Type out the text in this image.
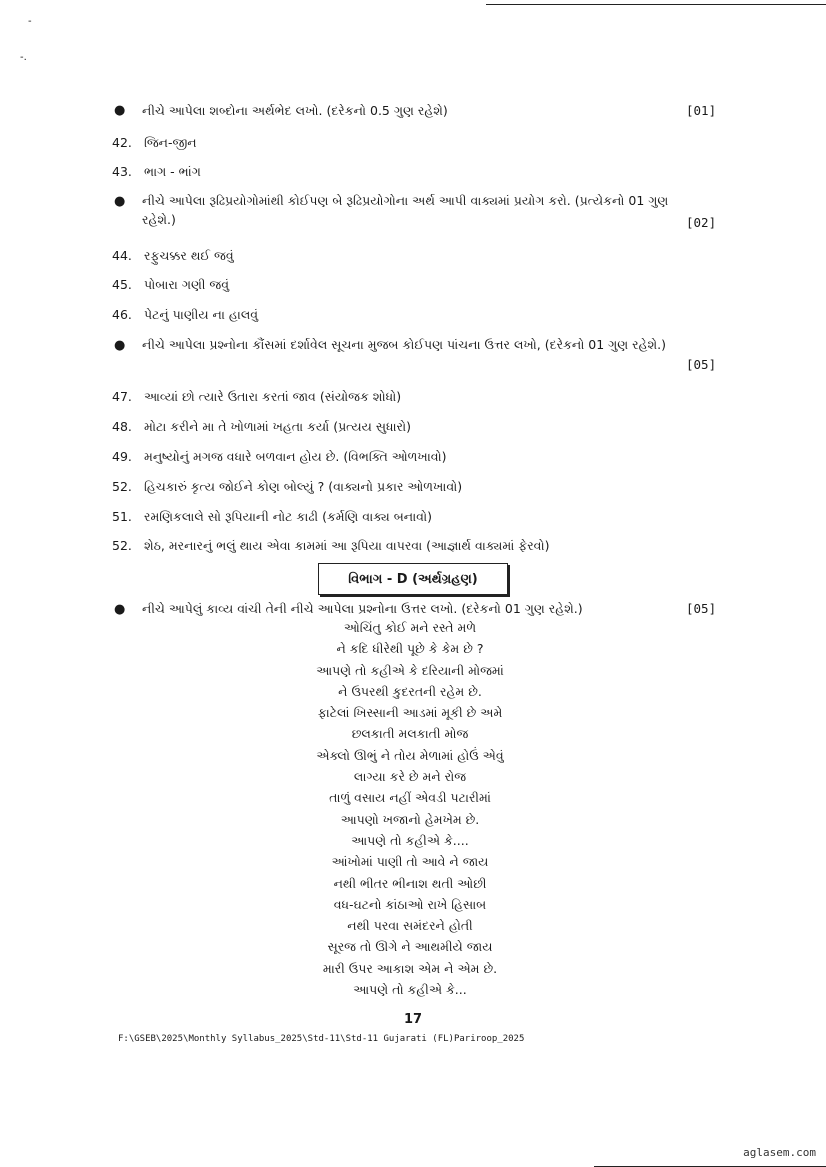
-
-.
● નીચે આપેલા શબ્દોના અર્થભેદ લખો. (દરેકનો 0.5 ગુણ રહેશે)	[01]
42. જિન-જીન
43. ભાગ - ભાંગ
● નીચે આપેલા રૂઢિપ્રયોગોમાંથી કોઈપણ બે રૂઢિપ્રયોગોના અર્થ આપી વાક્યમાં પ્રયોગ કરો. (પ્રત્યેકનો 01 ગુણ રહેશે.)	[02]
44. રફુચક્કર થઈ જવું
45. પોબારા ગણી જવું
46. પેટનું પાણીય ના હાલવું
● નીચે આપેલા પ્રશ્નોના કૌંસમાં દર્શાવેલ સૂચના મુજબ કોઈપણ પાંચના ઉત્તર લખો, (દરેકનો 01 ગુણ રહેશે.)
[05]
47. આવ્યાં છો ત્યારે ઉતારા કરતાં જાવ (સંયોજક શોધો)
48. મોટા કરીને મા તે ખોળામાં ખહતા કર્યા (પ્રત્યય સુધારો)
49. મનુષ્યોનું મગજ વધારે બળવાન હોય છે. (વિભક્તિ ઓળખાવો)
52. હિચકારું કૃત્ય જોઈને કોણ બોલ્યું ? (વાક્યનો પ્રકાર ઓળખાવો)
51. રમણિકલાલે સો રૂપિયાની નોટ કાઢી (કર્મણિ વાક્ય બનાવો)
52. શેઠ, મરનારનું ભલું થાય એવા કામમાં આ રૂપિયા વાપરવા (આજ્ઞાર્થ વાક્યમાં ફેરવો)
વિભાગ - D (અર્થગ્રહણ)
● નીચે આપેલું કાવ્ય વાંચી તેની નીચે આપેલા પ્રશ્નોના ઉત્તર લખો. (દરેકનો 01 ગુણ રહેશે.)	[05]
ઓચિંતુ કોઈ મને રસ્તે મળે
ને કદિ ધીરેથી પૂછે કે કેમ છે ?
આપણે તો કહીએ કે દરિયાની મોજમાં
ને ઉપરથી કુદરતની રહેમ છે.
ફાટેલાં ખિસ્સાની આડમાં મૂકી છે અમે
છલકાતી મલકાતી મોજ
એક્લો ઊભું ને તોય મેળામાં હોઉં એવું
લાગ્યા કરે છે મને રોજ
તાળું વસાય નહીં એવડી પટારીમાં
આપણો ખજાનો હેમખેમ છે.
આપણે તો કહીએ કે....
આંખોમાં પાણી તો આવે ને જાય
નથી ભીતર ભીનાશ થતી ઓછી
વધ-ઘટનો કાંઠાઓ રાખે હિસાબ
નથી પરવા સમંદરને હોતી
સૂરજ તો ઊગે ને આથમીયે જાય
મારી ઉપર આકાશ એમ ને એમ છે.
આપણે તો કહીએ કે...
17
F:\GSEB\2025\Monthly Syllabus_2025\Std-11\Std-11 Gujarati (FL)Pariroop_2025
aglasem.com
